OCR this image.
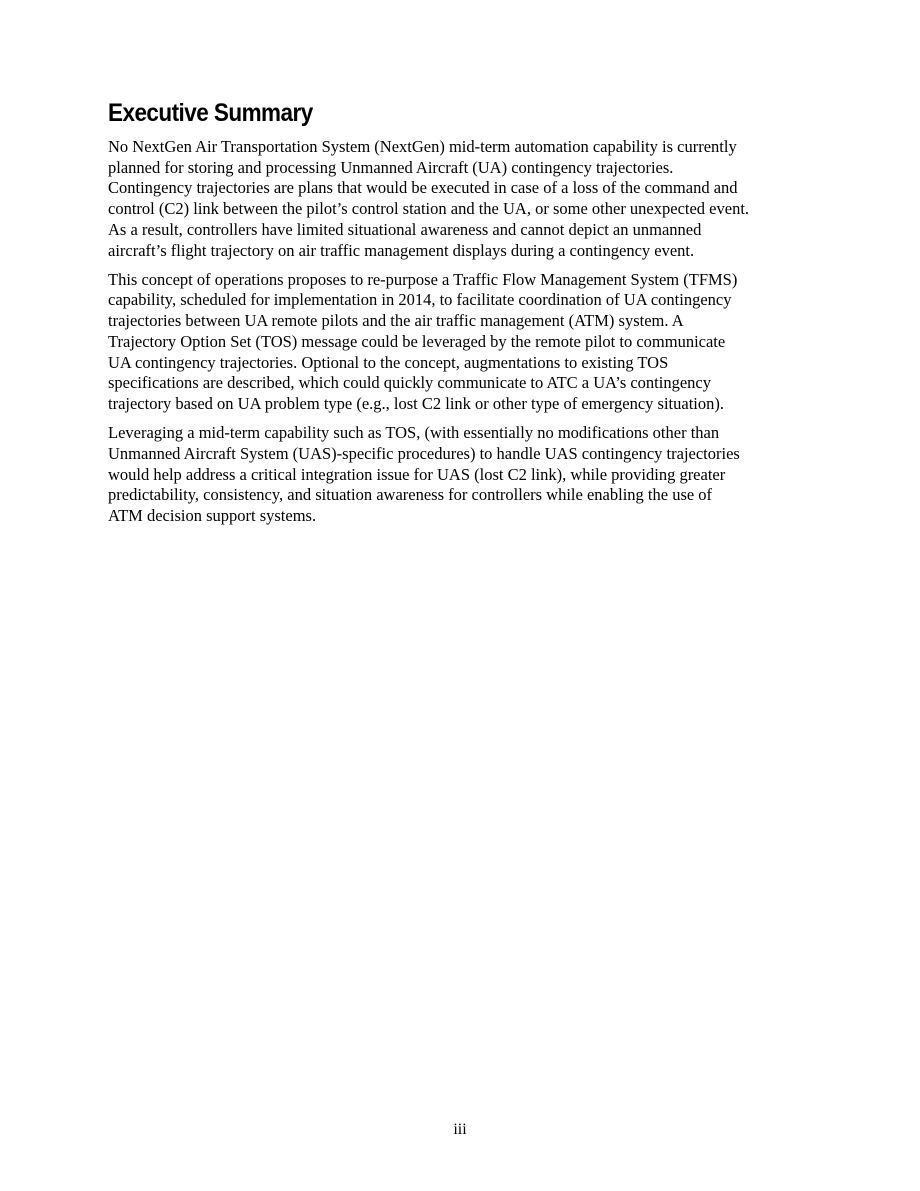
Executive Summary

No NextGen Air Transportation System (NextGen) mid-term automation capability is currently
planned for storing and processing Unmanned Aircraft (UA) contingency trajectories.
Contingency trajectories are plans that would be executed in case of a loss of the command and
control (C2) link between the pilot’s control station and the UA, or some other unexpected event.
As a result, controllers have limited situational awareness and cannot depict an unmanned
aircraft’s flight trajectory on air traffic management displays during a contingency event.

This concept of operations proposes to re-purpose a Traffic Flow Management System (TFMS)
capability, scheduled for implementation in 2014, to facilitate coordination of UA contingency
trajectories between UA remote pilots and the air traffic management (ATM) system. A
Trajectory Option Set (TOS) message could be leveraged by the remote pilot to communicate
UA contingency trajectories. Optional to the concept, augmentations to existing TOS
specifications are described, which could quickly communicate to ATC a UA’s contingency
trajectory based on UA problem type (e.g., lost C2 link or other type of emergency situation).

Leveraging a mid-term capability such as TOS, (with essentially no modifications other than
Unmanned Aircraft System (UAS)-specific procedures) to handle UAS contingency trajectories
would help address a critical integration issue for UAS (lost C2 link), while providing greater
predictability, consistency, and situation awareness for controllers while enabling the use of
ATM decision support systems.

iii
